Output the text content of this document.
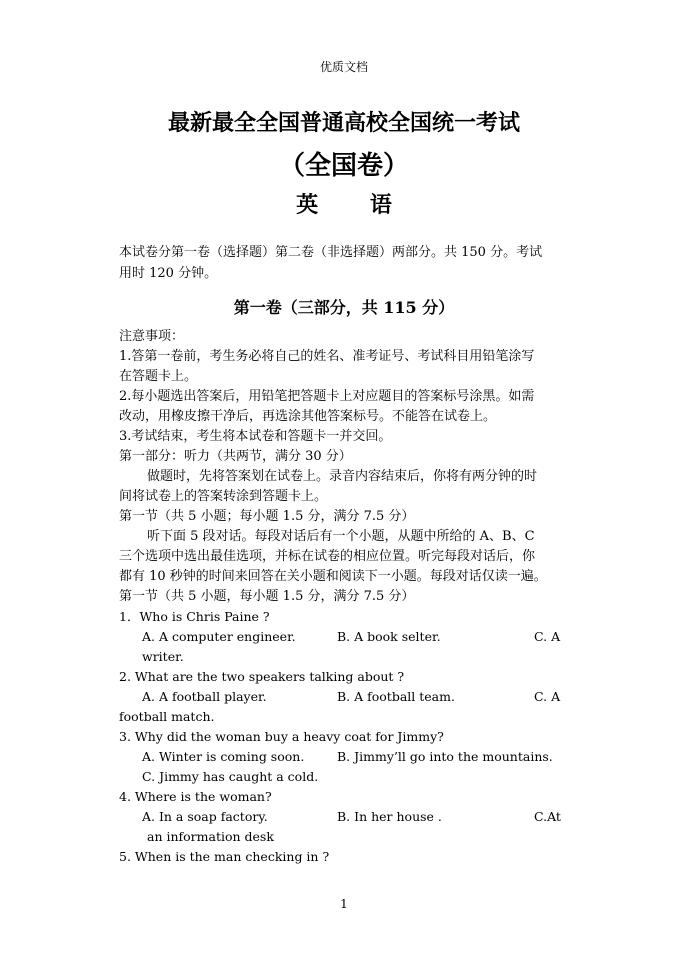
优质文档
最新最全全国普通高校全国统一考试
（全国卷）
英 语
本试卷分第一卷（选择题）第二卷（非选择题）两部分。共 150 分。考试
用时 120 分钟。
第一卷（三部分，共 115 分）
注意事项：
1.答第一卷前，考生务必将自己的姓名、准考证号、考试科目用铅笔涂写
在答题卡上。
2.每小题选出答案后，用铅笔把答题卡上对应题目的答案标号涂黑。如需
改动，用橡皮擦干净后，再选涂其他答案标号。不能答在试卷上。
3.考试结束，考生将本试卷和答题卡一并交回。
第一部分：听力（共两节，满分 30 分）
做题时，先将答案划在试卷上。录音内容结束后，你将有两分钟的时
间将试卷上的答案转涂到答题卡上。
第一节（共 5 小题；每小题 1.5 分，满分 7.5 分）
听下面 5 段对话。每段对话后有一个小题，从题中所给的 A、B、C
三个选项中选出最佳选项，并标在试卷的相应位置。听完每段对话后，你
都有 10 秒钟的时间来回答在关小题和阅读下一小题。每段对话仅读一遍。
第一节（共 5 小题，每小题 1.5 分，满分 7.5 分）
1．Who is Chris Paine ?
A. A computer engineer.	B. A book selter.	C. A
writer.
2. What are the two speakers talking about ?
A. A football player.	B. A football team.	C. A
football match.
3. Why did the woman buy a heavy coat for Jimmy?
A. Winter is coming soon.	B. Jimmy’ll go into the mountains.
C. Jimmy has caught a cold.
4. Where is the woman?
A. In a soap factory.	B. In her house .	C.At
an information desk
5. When is the man checking in ?
1
